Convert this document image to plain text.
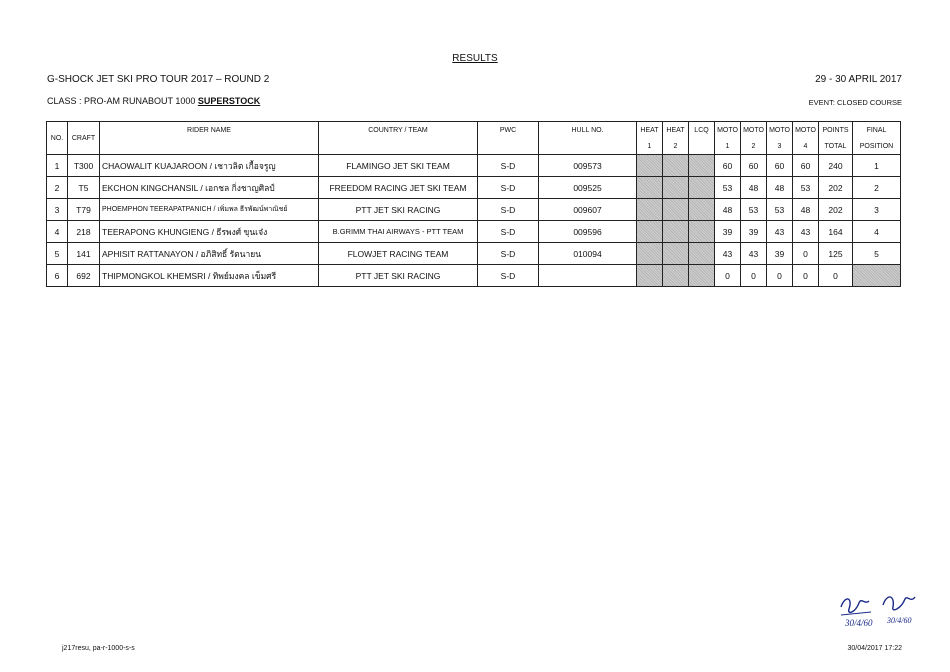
RESULTS
G-SHOCK JET SKI PRO TOUR 2017 – ROUND 2	29 - 30 APRIL 2017
CLASS : PRO-AM RUNABOUT 1000 SUPERSTOCK	EVENT: CLOSED COURSE
NO.	CRAFT	RIDER NAME	COUNTRY / TEAM	PWC	HULL NO.	HEAT	HEAT	LCQ	MOTO	MOTO	MOTO	MOTO	POINTS	FINAL
						1	2		1	2	3	4	TOTAL	POSITION
1	T300	CHAOWALIT KUAJAROON / เชาวลิต เกื้อจรูญ	FLAMINGO JET SKI TEAM	S-D	009573				60	60	60	60	240	1
2	T5	EKCHON KINGCHANSIL / เอกชล กิ่งชาญศิลป์	FREEDOM RACING JET SKI TEAM	S-D	009525				53	48	48	53	202	2
3	T79	PHOEMPHON TEERAPATPANICH / เพิ่มพล ธีรพัฒน์พาณิชย์	PTT JET SKI RACING	S-D	009607				48	53	53	48	202	3
4	218	TEERAPONG KHUNGIENG / ธีรพงศ์ ขุนเจ๋ง	B.GRIMM THAI AIRWAYS - PTT TEAM	S-D	009596				39	39	43	43	164	4
5	141	APHISIT RATTANAYON / อภิสิทธิ์ รัตนายน	FLOWJET RACING TEAM	S-D	010094				43	43	39	0	125	5
6	692	THIPMONGKOL KHEMSRI / ทิพย์มงคล เข็มศรี	PTT JET SKI RACING	S-D					0	0	0	0	0	
30/4/60 30/4/60
j217resu, pa-r-1000-s-s	30/04/2017 17:22
